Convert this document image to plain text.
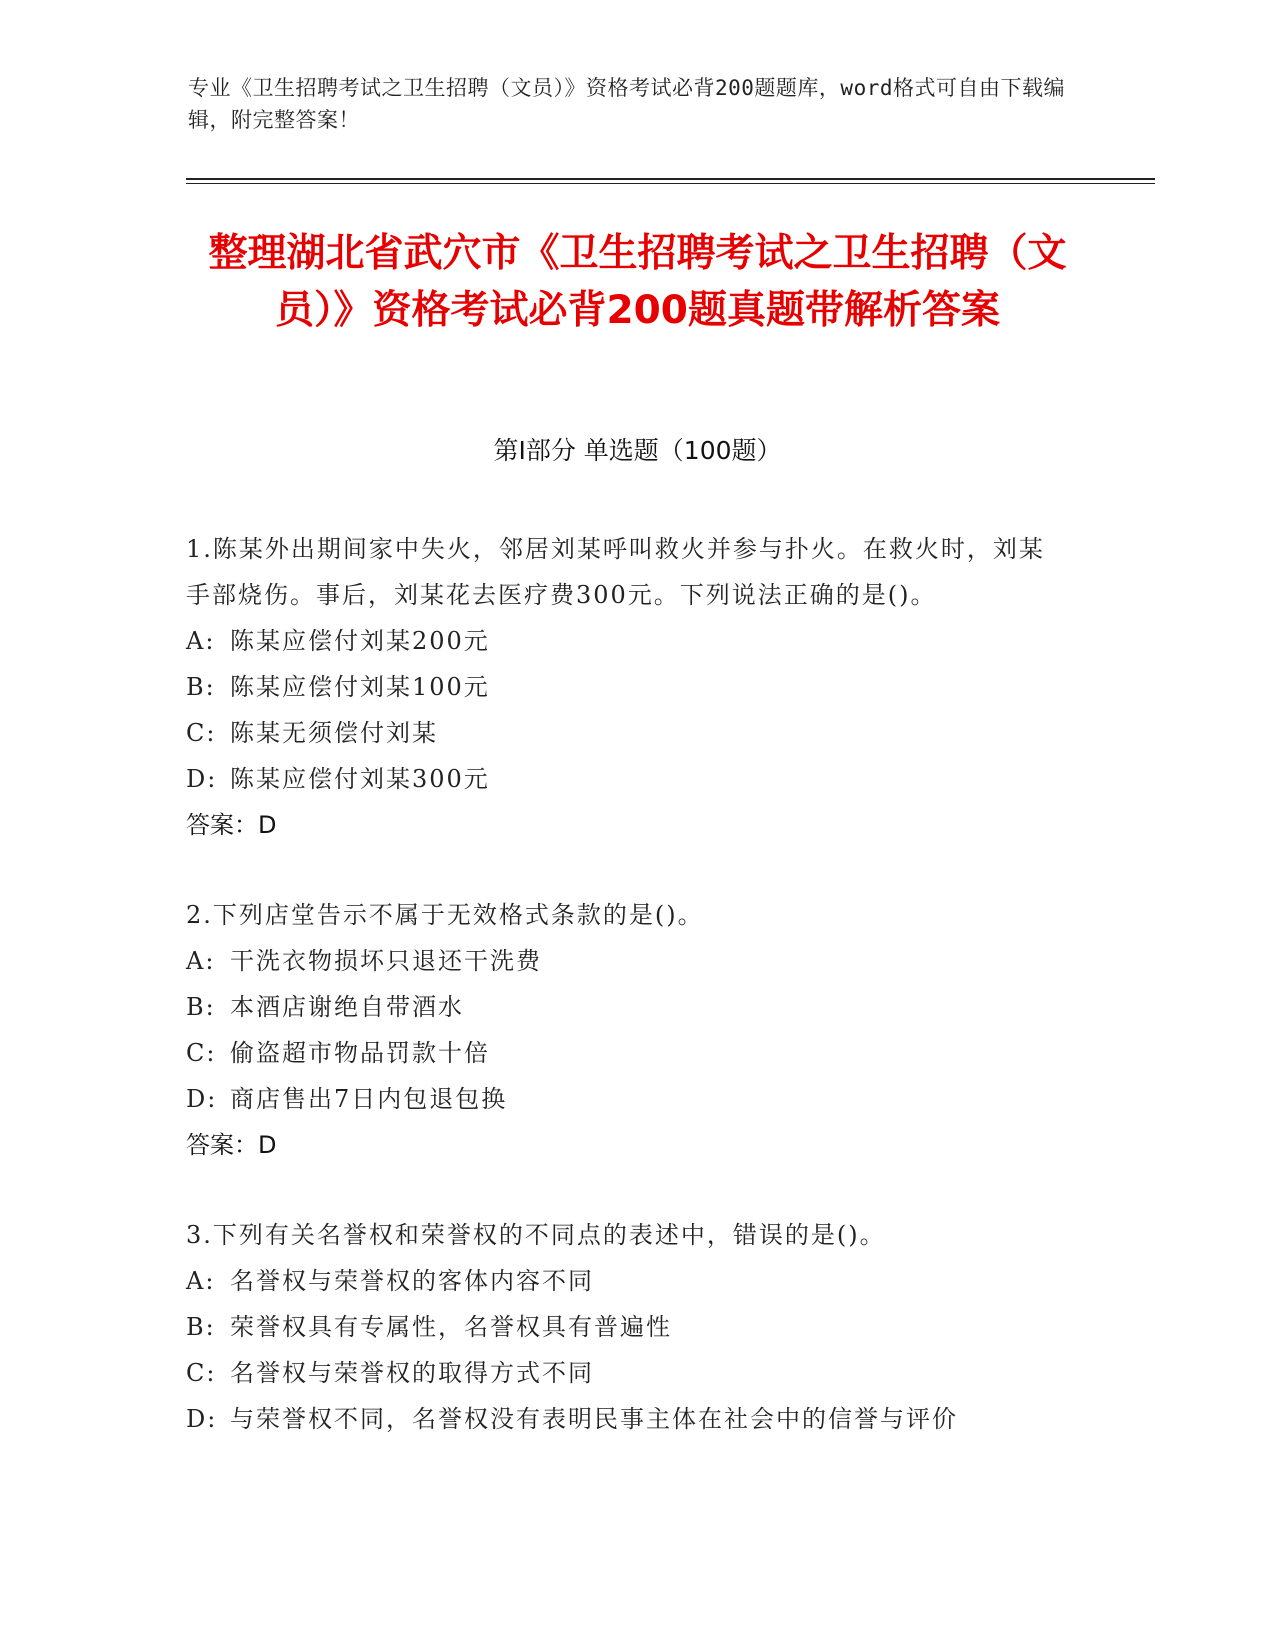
专业《卫生招聘考试之卫生招聘（文员）》资格考试必背200题题库，word格式可自由下载编辑，附完整答案！
整理湖北省武穴市《卫生招聘考试之卫生招聘（文员）》资格考试必背200题真题带解析答案
第Ⅰ部分 单选题（100题）
1.陈某外出期间家中失火，邻居刘某呼叫救火并参与扑火。在救火时，刘某手部烧伤。事后，刘某花去医疗费300元。下列说法正确的是()。
A: 陈某应偿付刘某200元
B: 陈某应偿付刘某100元
C: 陈某无须偿付刘某
D: 陈某应偿付刘某300元
答案：D
2.下列店堂告示不属于无效格式条款的是()。
A: 干洗衣物损坏只退还干洗费
B: 本酒店谢绝自带酒水
C: 偷盗超市物品罚款十倍
D: 商店售出7日内包退包换
答案：D
3.下列有关名誉权和荣誉权的不同点的表述中，错误的是()。
A: 名誉权与荣誉权的客体内容不同
B: 荣誉权具有专属性，名誉权具有普遍性
C: 名誉权与荣誉权的取得方式不同
D: 与荣誉权不同，名誉权没有表明民事主体在社会中的信誉与评价
